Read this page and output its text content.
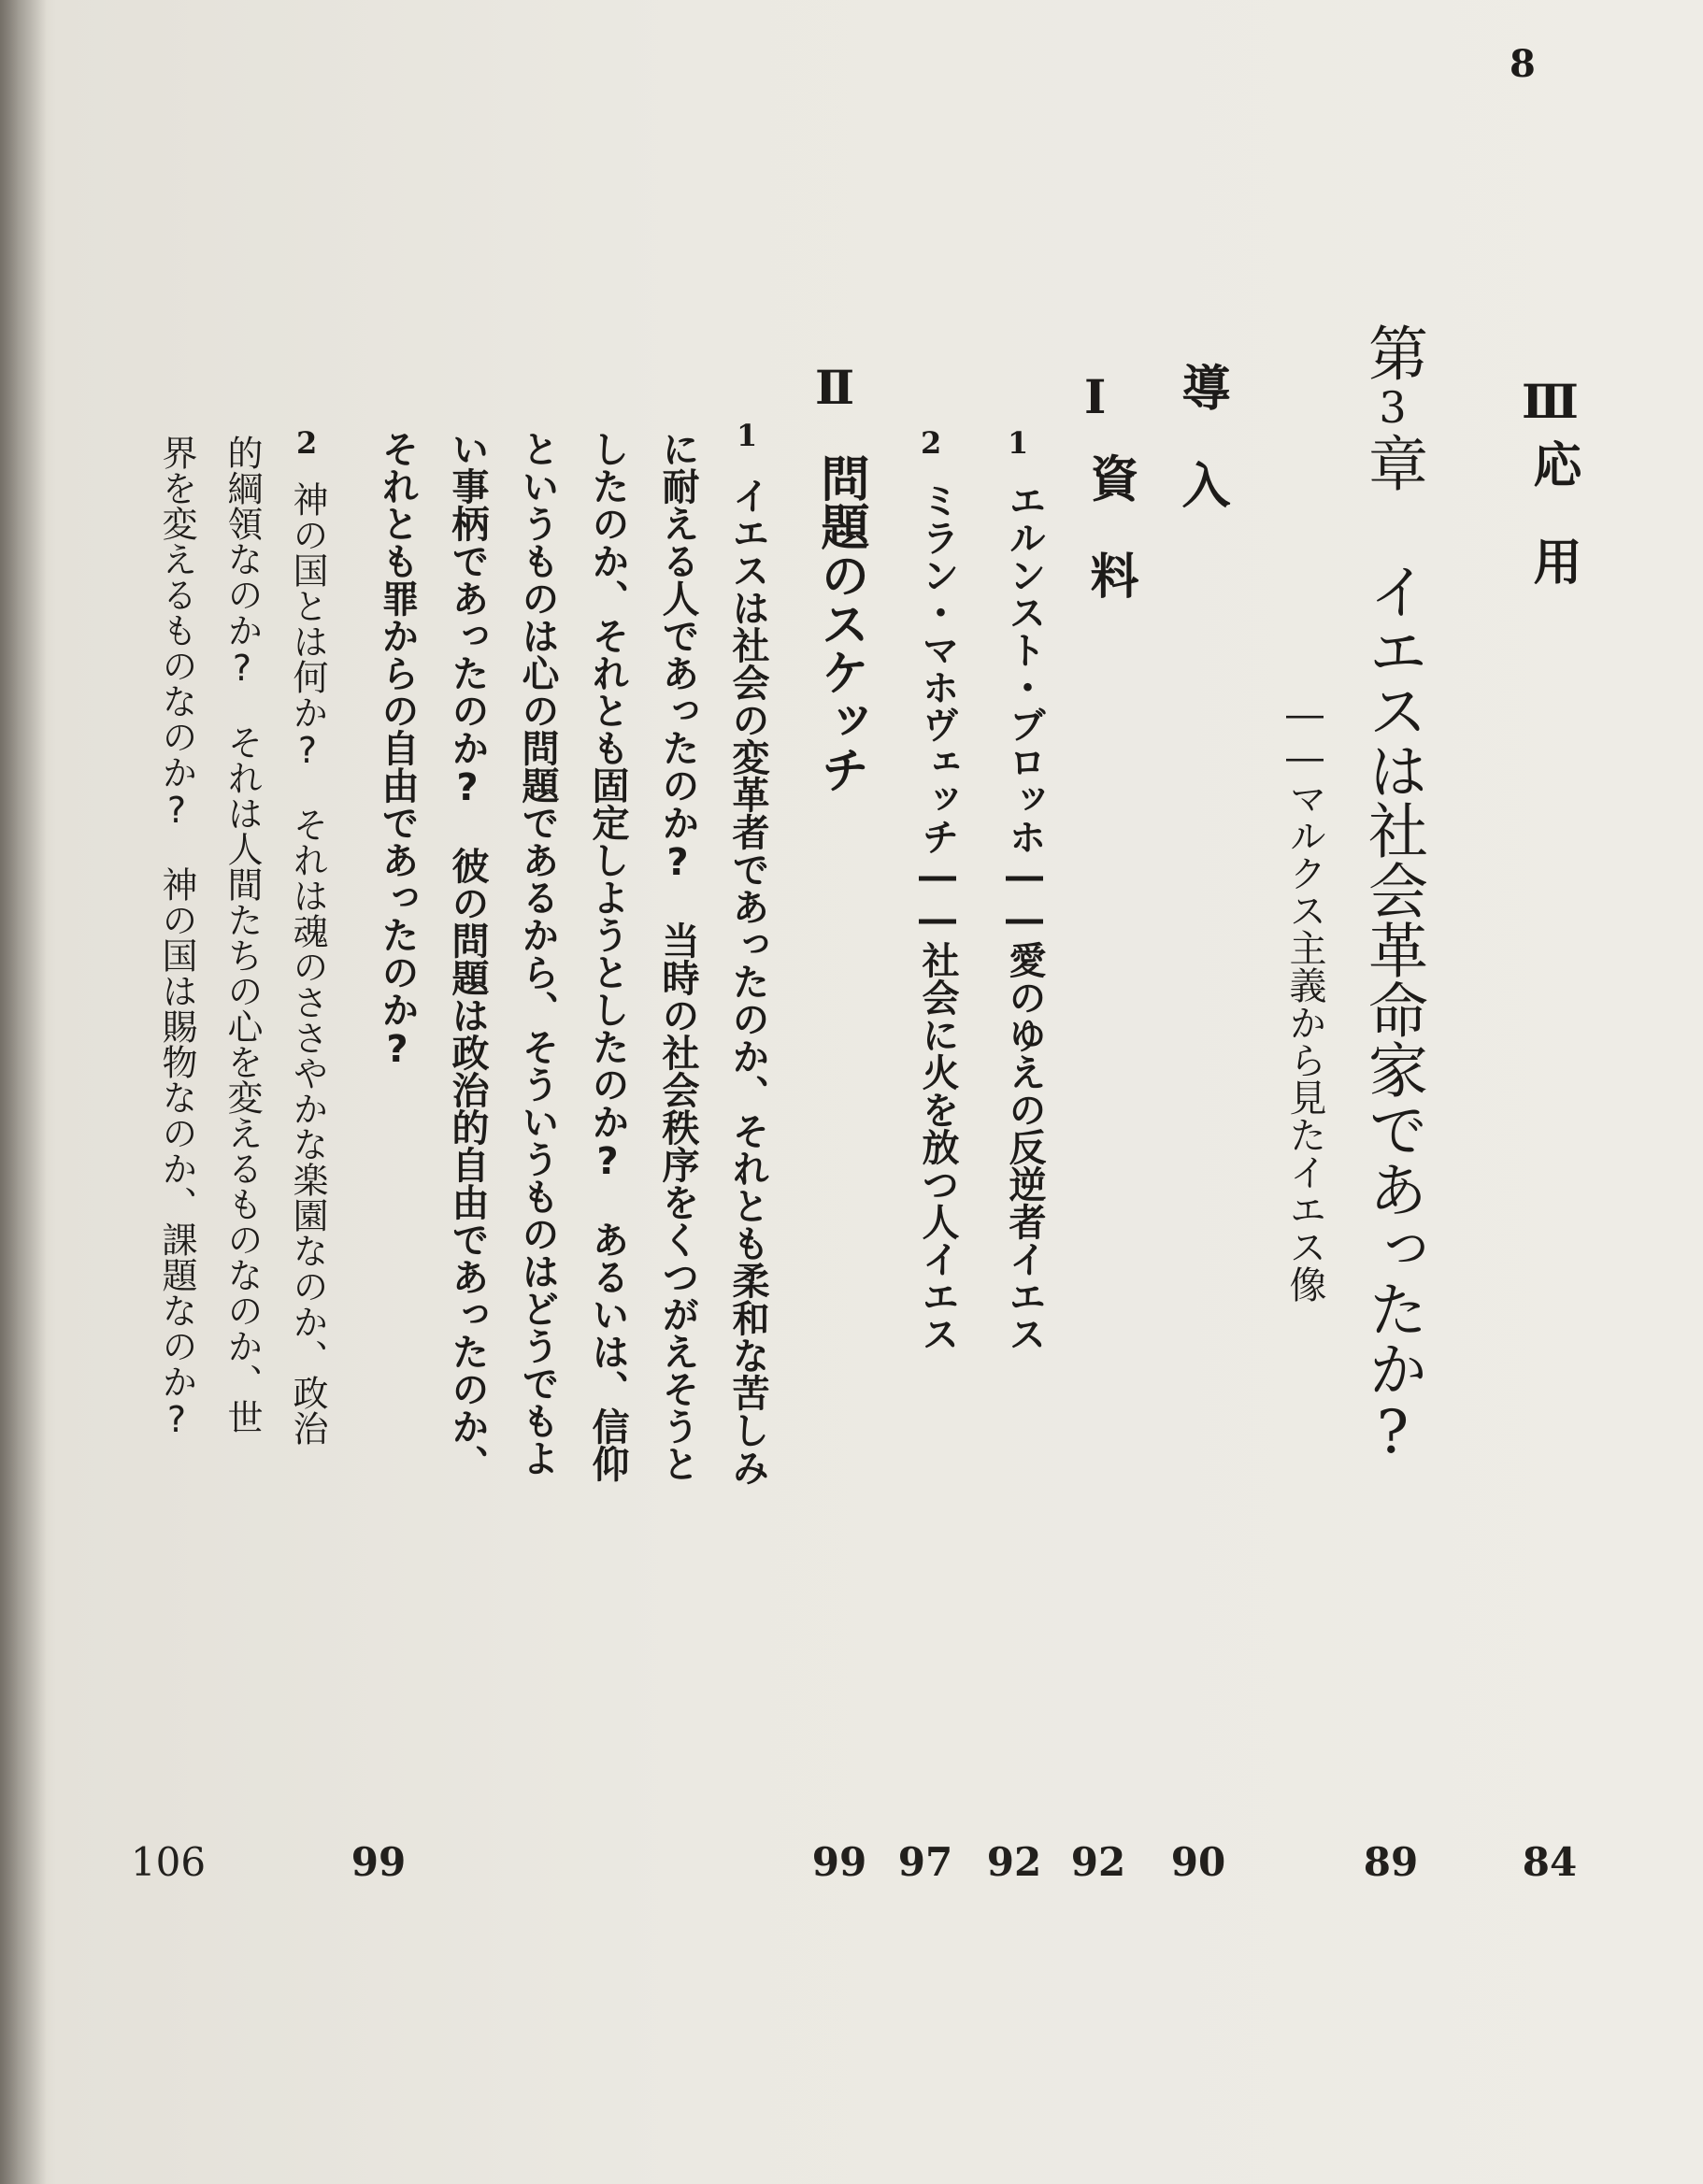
8
Ⅲ
応　用
第3章
イエスは社会革命家であったか?
――マルクス主義から見たイエス像
導　入
Ⅰ
資　料
1
エルンスト・ブロッホ――愛のゆえの反逆者イエス
2
ミラン・マホヴェッチ――社会に火を放つ人イエス
Ⅱ
問題のスケッチ
1
イエスは社会の変革者であったのか、それとも柔和な苦しみ
に耐える人であったのか?　当時の社会秩序をくつがえそうと
したのか、それとも固定しようとしたのか?　あるいは、信仰
というものは心の問題であるから、そういうものはどうでもよ
い事柄であったのか?　彼の問題は政治的自由であったのか、
それとも罪からの自由であったのか?
2
神の国とは何か?　それは魂のささやかな楽園なのか、政治
的綱領なのか?　それは人間たちの心を変えるものなのか、世
界を変えるものなのか?　神の国は賜物なのか、課題なのか?
84
89
90
92
92
97
99
99
106
